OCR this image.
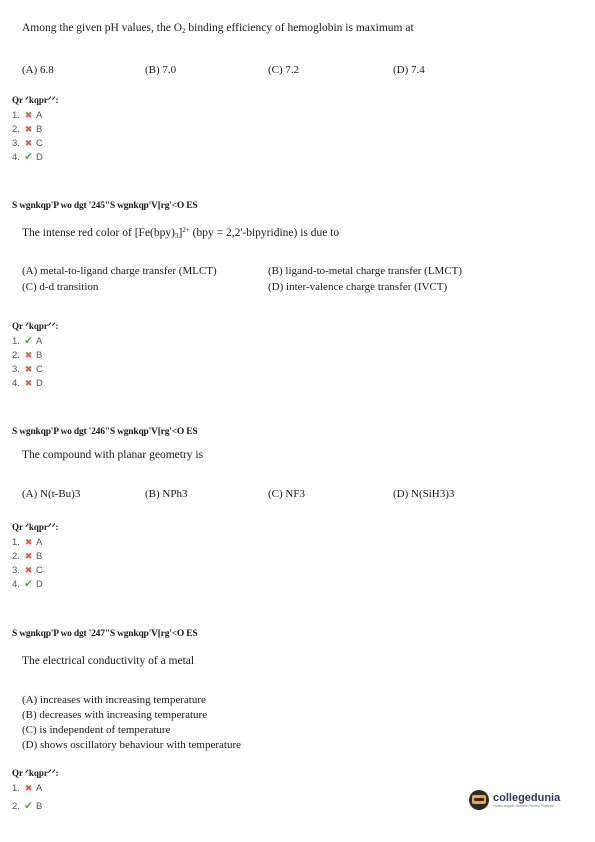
Among the given pH values, the $O_2$ binding efficiency of hemoglobin is maximum at
(A) 6.8	(B) 7.0	(C) 7.2	(D) 7.4
Qr ᐟkqprᐟᐟ:
1. ✖ A
2. ✖ B
3. ✖ C
4. ✔ D
S wgnkqp'P wo dgt '245"S wgnkqp'V[rg'<O ES
The intense red color of $[Fe(bpy)_3]^{2+}$ (bpy = 2,2'-bipyridine) is due to
(A) metal-to-ligand charge transfer (MLCT)	(B) ligand-to-metal charge transfer (LMCT)
(C) d-d transition	(D) inter-valence charge transfer (IVCT)
Qr ᐟkqprᐟᐟ:
1. ✔ A
2. ✖ B
3. ✖ C
4. ✖ D
S wgnkqp'P wo dgt '246"S wgnkqp'V[rg'<O ES
The compound with planar geometry is
(A) N(t-Bu)3	(B) NPh3	(C) NF3	(D) N(SiH3)3
Qr ᐟkqprᐟᐟ:
1. ✖ A
2. ✖ B
3. ✖ C
4. ✔ D
S wgnkqp'P wo dgt '247"S wgnkqp'V[rg'<O ES
The electrical conductivity of a metal
(A) increases with increasing temperature
(B) decreases with increasing temperature
(C) is independent of temperature
(D) shows oscillatory behaviour with temperature
Qr ᐟkqprᐟᐟ:
1. ✖ A
2. ✔ B
collegedunia
India's largest Student Review Platform
